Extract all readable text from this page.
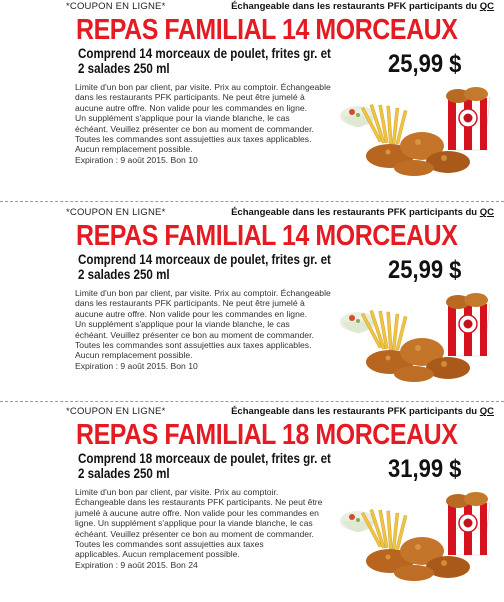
*COUPON EN LIGNE*	Échangeable dans les restaurants PFK participants du QC
REPAS FAMILIAL 14 MORCEAUX
Comprend 14 morceaux de poulet, frites gr. et
2 salades 250 ml	25,99 $
Limite d'un bon par client, par visite. Prix au comptoir. Échangeable
dans les restaurants PFK participants. Ne peut être jumelé à
aucune autre offre. Non valide pour les commandes en ligne.
Un supplément s'applique pour la viande blanche, le cas
échéant. Veuillez présenter ce bon au moment de commander.
Toutes les commandes sont assujetties aux taxes applicables.
Aucun remplacement possible.
Expiration : 9 août 2015. Bon 10
*COUPON EN LIGNE*	Échangeable dans les restaurants PFK participants du QC
REPAS FAMILIAL 14 MORCEAUX
Comprend 14 morceaux de poulet, frites gr. et
2 salades 250 ml	25,99 $
Limite d'un bon par client, par visite. Prix au comptoir. Échangeable
dans les restaurants PFK participants. Ne peut être jumelé à
aucune autre offre. Non valide pour les commandes en ligne.
Un supplément s'applique pour la viande blanche, le cas
échéant. Veuillez présenter ce bon au moment de commander.
Toutes les commandes sont assujetties aux taxes applicables.
Aucun remplacement possible.
Expiration : 9 août 2015. Bon 10
*COUPON EN LIGNE*	Échangeable dans les restaurants PFK participants du QC
REPAS FAMILIAL 18 MORCEAUX
Comprend 18 morceaux de poulet, frites gr. et
2 salades 250 ml	31,99 $
Limite d'un bon par client, par visite. Prix au comptoir.
Échangeable dans les restaurants PFK participants. Ne peut être
jumelé à aucune autre offre. Non valide pour les commandes en
ligne. Un supplément s'applique pour la viande blanche, le cas
échéant. Veuillez présenter ce bon au moment de commander.
Toutes les commandes sont assujetties aux taxes
applicables. Aucun remplacement possible.
Expiration : 9 août 2015. Bon 24
